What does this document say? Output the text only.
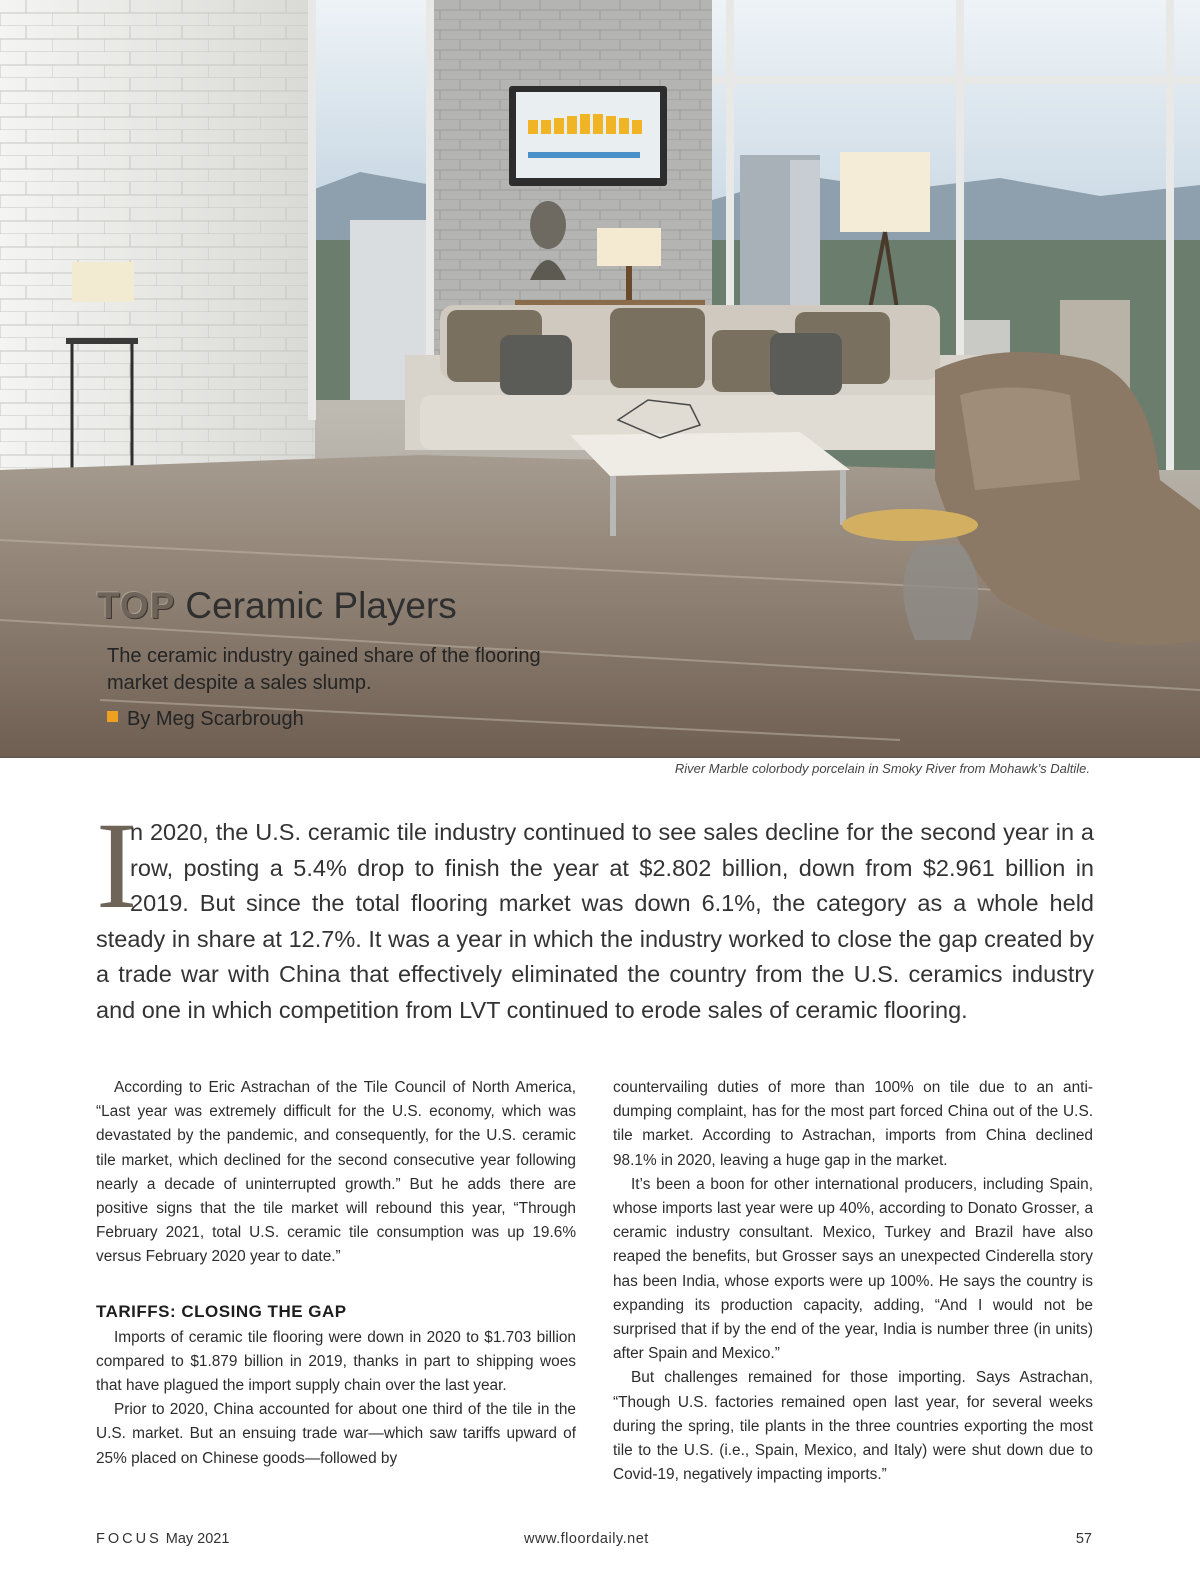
TOP Ceramic Players
The ceramic industry gained share of the flooring market despite a sales slump.
By Meg Scarbrough
River Marble colorbody porcelain in Smoky River from Mohawk’s Daltile.
I
n 2020, the U.S. ceramic tile industry continued to see sales decline for the second year in a row, posting a 5.4% drop to finish the year at $2.802 billion, down from $2.961 billion in 2019. But since the total flooring market was down 6.1%, the category as a whole held steady in share at 12.7%. It was a year in which the industry worked to close the gap created by a trade war with China that effectively eliminated the country from the U.S. ceramics industry and one in which competition from LVT continued to erode sales of ceramic flooring.

According to Eric Astrachan of the Tile Council of North America, “Last year was extremely difficult for the U.S. economy, which was devastated by the pandemic, and consequently, for the U.S. ceramic tile market, which declined for the second consecutive year following nearly a decade of uninterrupted growth.” But he adds there are positive signs that the tile market will rebound this year, “Through February 2021, total U.S. ceramic tile consumption was up 19.6% versus February 2020 year to date.”

TARIFFS: CLOSING THE GAP

Imports of ceramic tile flooring were down in 2020 to $1.703 billion compared to $1.879 billion in 2019, thanks in part to shipping woes that have plagued the import supply chain over the last year.

Prior to 2020, China accounted for about one third of the tile in the U.S. market. But an ensuing trade war—which saw tariffs upward of 25% placed on Chinese goods—followed by

countervailing duties of more than 100% on tile due to an anti-dumping complaint, has for the most part forced China out of the U.S. tile market. According to Astrachan, imports from China declined 98.1% in 2020, leaving a huge gap in the market.

It’s been a boon for other international producers, including Spain, whose imports last year were up 40%, according to Donato Grosser, a ceramic industry consultant. Mexico, Turkey and Brazil have also reaped the benefits, but Grosser says an unexpected Cinderella story has been India, whose exports were up 100%. He says the country is expanding its production capacity, adding, “And I would not be surprised that if by the end of the year, India is number three (in units) after Spain and Mexico.”

But challenges remained for those importing. Says Astrachan, “Though U.S. factories remained open last year, for several weeks during the spring, tile plants in the three countries exporting the most tile to the U.S. (i.e., Spain, Mexico, and Italy) were shut down due to Covid-19, negatively impacting imports.”

FOCUS May 2021	www.floordaily.net	57
